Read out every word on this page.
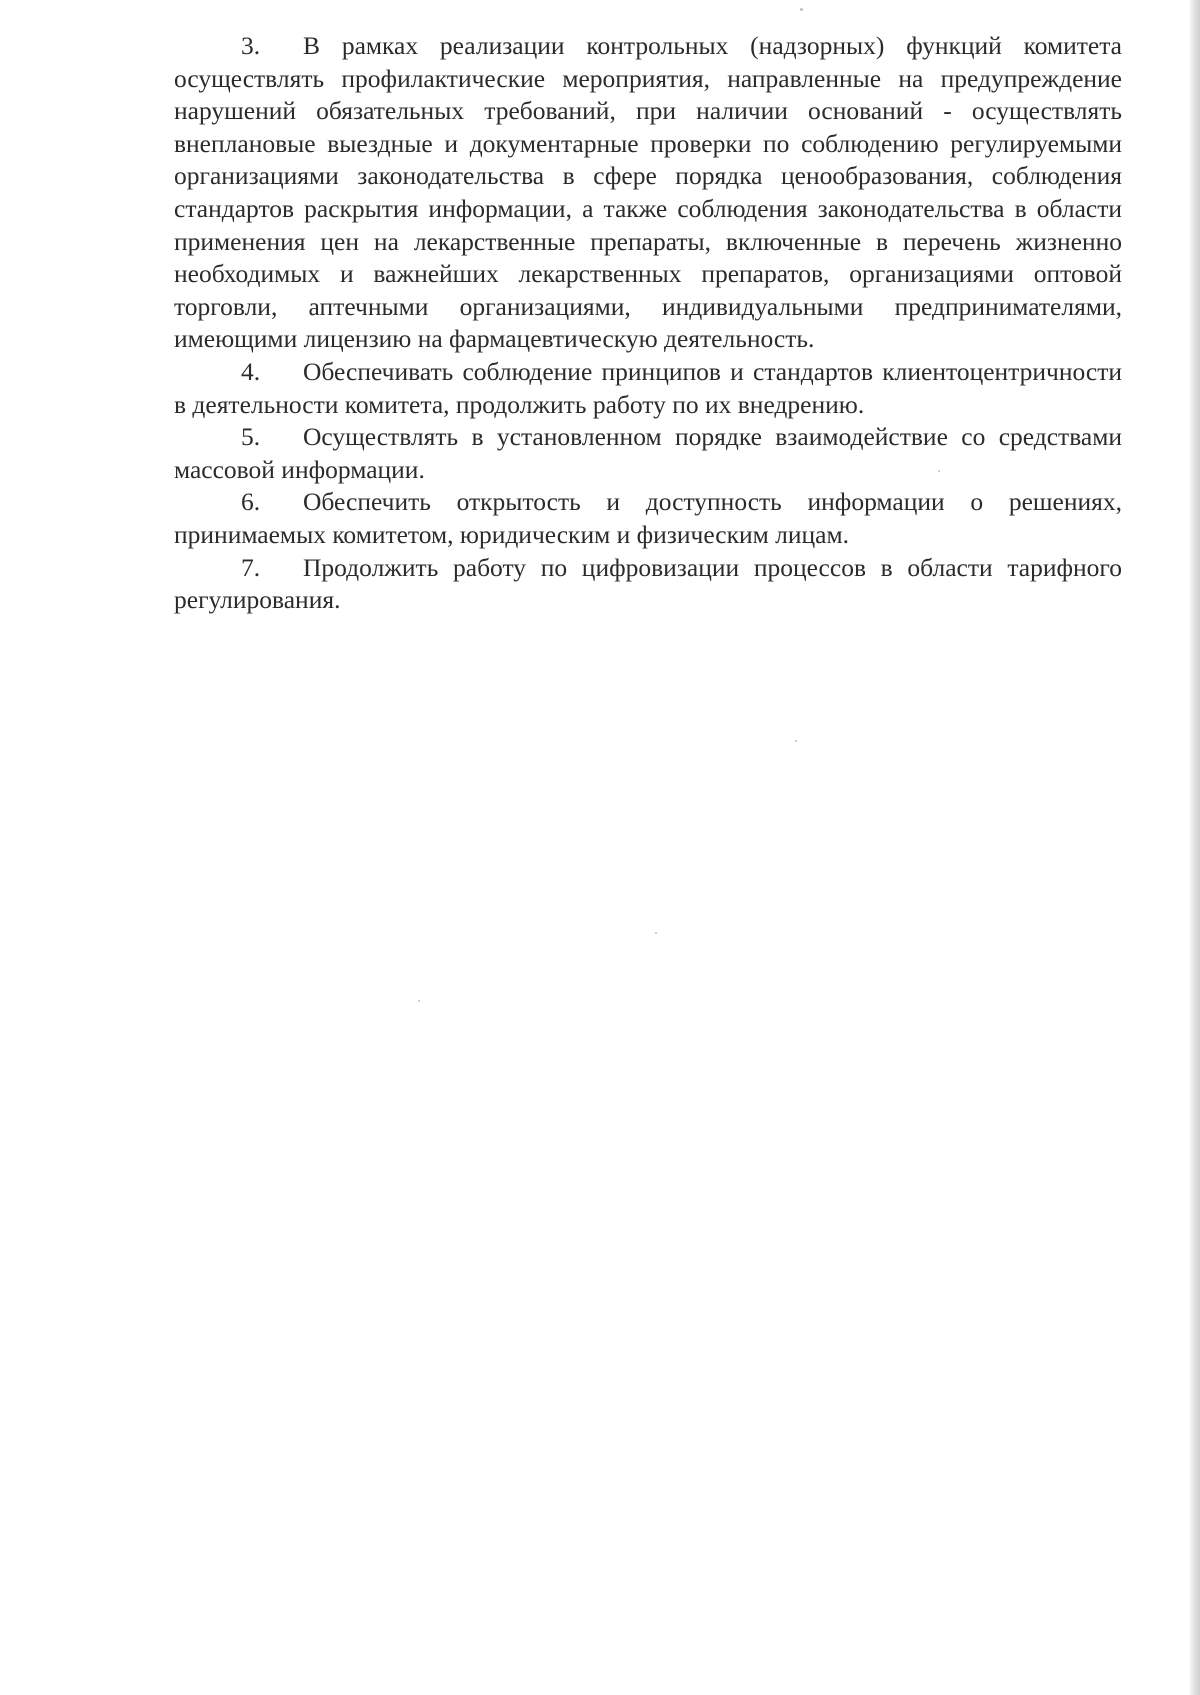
3. В рамках реализации контрольных (надзорных) функций комитета осуществлять профилактические мероприятия, направленные на предупреждение нарушений обязательных требований, при наличии оснований - осуществлять внеплановые выездные и документарные проверки по соблюдению регулируемыми организациями законодательства в сфере порядка ценообразования, соблюдения стандартов раскрытия информации, а также соблюдения законодательства в области применения цен на лекарственные препараты, включенные в перечень жизненно необходимых и важнейших лекарственных препаратов, организациями оптовой торговли, аптечными организациями, индивидуальными предпринимателями, имеющими лицензию на фармацевтическую деятельность.

4. Обеспечивать соблюдение принципов и стандартов клиентоцентричности в деятельности комитета, продолжить работу по их внедрению.

5. Осуществлять в установленном порядке взаимодействие со средствами массовой информации.

6. Обеспечить открытость и доступность информации о решениях, принимаемых комитетом, юридическим и физическим лицам.

7. Продолжить работу по цифровизации процессов в области тарифного регулирования.
